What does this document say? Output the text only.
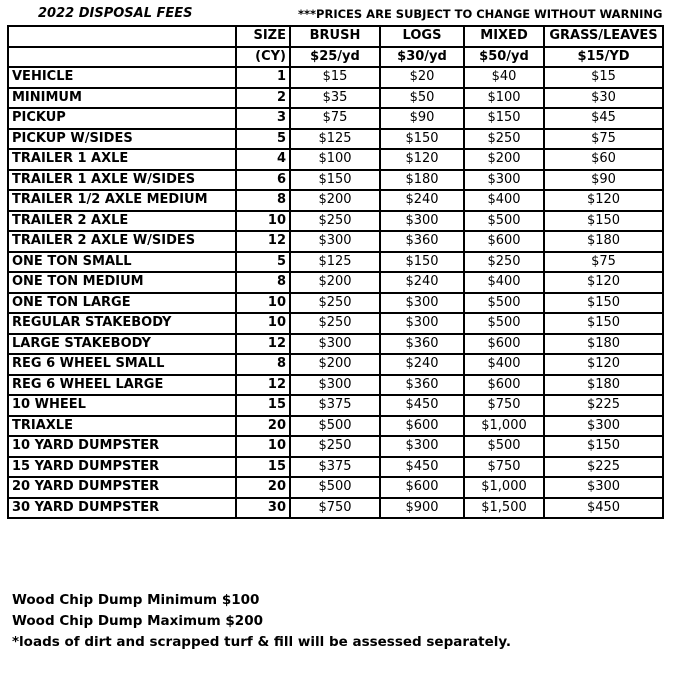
2022 DISPOSAL FEES	***PRICES ARE SUBJECT TO CHANGE WITHOUT WARNING
	SIZE	BRUSH	LOGS	MIXED	GRASS/LEAVES
	(CY)	$25/yd	$30/yd	$50/yd	$15/YD
VEHICLE	1	$15	$20	$40	$15
MINIMUM	2	$35	$50	$100	$30
PICKUP	3	$75	$90	$150	$45
PICKUP W/SIDES	5	$125	$150	$250	$75
TRAILER 1 AXLE	4	$100	$120	$200	$60
TRAILER 1 AXLE W/SIDES	6	$150	$180	$300	$90
TRAILER 1/2 AXLE MEDIUM	8	$200	$240	$400	$120
TRAILER 2 AXLE	10	$250	$300	$500	$150
TRAILER 2 AXLE W/SIDES	12	$300	$360	$600	$180
ONE TON SMALL	5	$125	$150	$250	$75
ONE TON MEDIUM	8	$200	$240	$400	$120
ONE TON LARGE	10	$250	$300	$500	$150
REGULAR STAKEBODY	10	$250	$300	$500	$150
LARGE STAKEBODY	12	$300	$360	$600	$180
REG 6 WHEEL SMALL	8	$200	$240	$400	$120
REG 6 WHEEL LARGE	12	$300	$360	$600	$180
10 WHEEL	15	$375	$450	$750	$225
TRIAXLE	20	$500	$600	$1,000	$300
10 YARD DUMPSTER	10	$250	$300	$500	$150
15 YARD DUMPSTER	15	$375	$450	$750	$225
20 YARD DUMPSTER	20	$500	$600	$1,000	$300
30 YARD DUMPSTER	30	$750	$900	$1,500	$450
Wood Chip Dump Minimum $100
Wood Chip Dump Maximum $200
*loads of dirt and scrapped turf & fill will be assessed separately.
